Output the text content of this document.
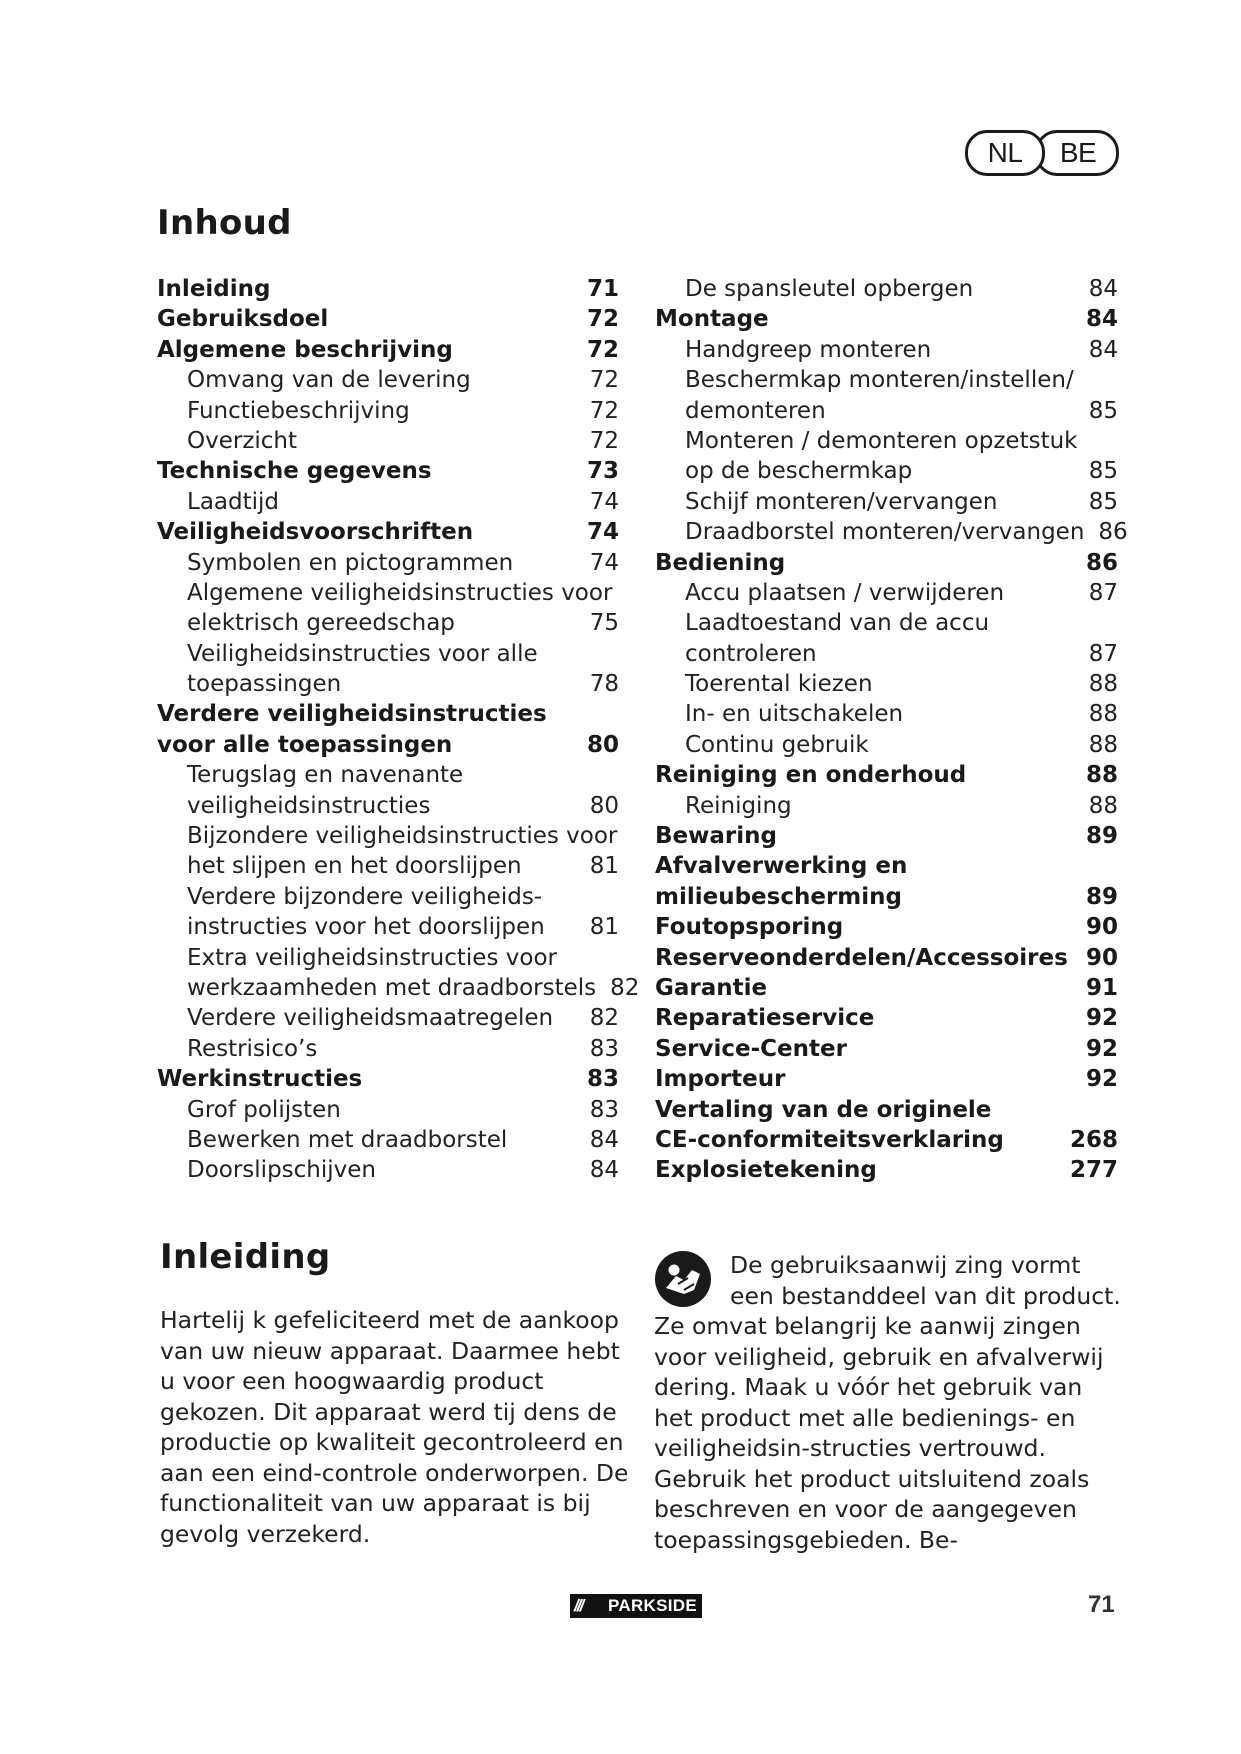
NL	BE
Inhoud
Inleiding	71
Gebruiksdoel	72
Algemene beschrijving	72
Omvang van de levering	72
Functiebeschrijving	72
Overzicht	72
Technische gegevens	73
Laadtijd	74
Veiligheidsvoorschriften	74
Symbolen en pictogrammen	74
Algemene veiligheidsinstructies voor
elektrisch gereedschap	75
Veiligheidsinstructies voor alle
toepassingen	78
Verdere veiligheidsinstructies
voor alle toepassingen	80
Terugslag en navenante
veiligheidsinstructies	80
Bijzondere veiligheidsinstructies voor
het slijpen en het doorslijpen	81
Verdere bijzondere veiligheids-
instructies voor het doorslijpen 81
Extra veiligheidsinstructies voor
werkzaamheden met draadborstels 82
Verdere veiligheidsmaatregelen 82
Restrisico’s	83
Werkinstructies	83
Grof polijsten	83
Bewerken met draadborstel	84
Doorslipschijven	84
De spansleutel opbergen	84
Montage	84
Handgreep monteren	84
Beschermkap monteren/instellen/
demonteren	85
Monteren / demonteren opzetstuk
op de beschermkap	85
Schijf monteren/vervangen	85
Draadborstel monteren/vervangen 86
Bediening	86
Accu plaatsen / verwijderen	87
Laadtoestand van de accu
controleren	87
Toerental kiezen	88
In- en uitschakelen	88
Continu gebruik	88
Reiniging en onderhoud	88
Reiniging	88
Bewaring	89
Afvalverwerking en
milieubescherming	89
Foutopsporing	90
Reserveonderdelen/Accessoires 90
Garantie	91
Reparatieservice	92
Service-Center	92
Importeur	92
Vertaling van de originele
CE-conformiteitsverklaring	268
Explosietekening	277
Inleiding

Hartelij k gefeliciteerd met de aankoop van uw nieuw apparaat. Daarmee hebt u voor een hoogwaardig product gekozen. Dit apparaat werd tij dens de productie op kwaliteit gecontroleerd en aan een eind-controle onderworpen. De functionaliteit van uw apparaat is bij gevolg verzekerd.

De gebruiksaanwij zing vormt een bestanddeel van dit product. Ze omvat belangrij ke aanwij zingen voor veiligheid, gebruik en afvalverwij dering. Maak u vóór het gebruik van het product met alle bedienings- en veiligheidsin-structies vertrouwd. Gebruik het product uitsluitend zoals beschreven en voor de aangegeven toepassingsgebieden. Be-

///	PARKSIDE	71
